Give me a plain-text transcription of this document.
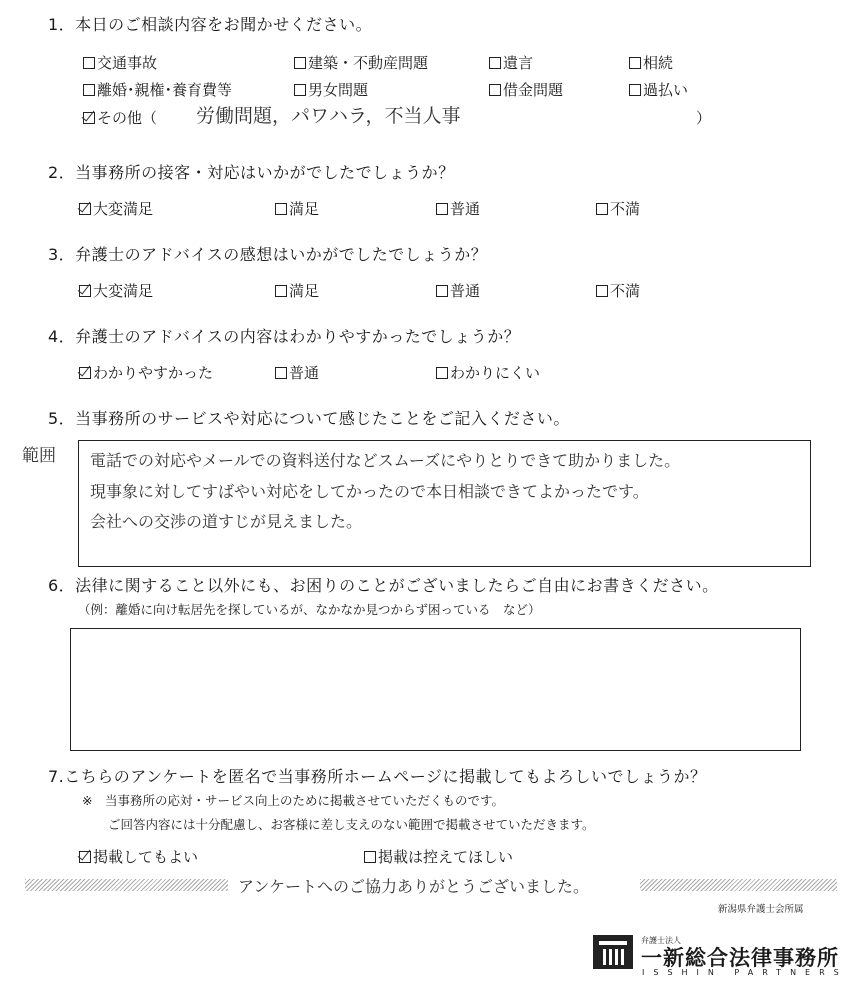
1．本日のご相談内容をお聞かせください。
交通事故	建築・不動産問題	遺言	相続
離婚･親権･養育費等	男女問題	借金問題	過払い
その他（ 労働問題，パワハラ，不当人事	）
2．当事務所の接客・対応はいかがでしたでしょうか？
大変満足	満足	普通	不満
3．弁護士のアドバイスの感想はいかがでしたでしょうか？
大変満足	満足	普通	不満
4．弁護士のアドバイスの内容はわかりやすかったでしょうか？
わかりやすかった	普通	わかりにくい
5．当事務所のサービスや対応について感じたことをご記入ください。
範囲 電話での対応やメールでの資料送付などスムーズにやりとりできて助かりました。
現事象に対してすばやい対応をしてかったので本日相談できてよかったです。
会社への交渉の道すじが見えました。
6．法律に関すること以外にも、お困りのことがございましたらご自由にお書きください。
（例：離婚に向け転居先を探しているが、なかなか見つからず困っている　など）
7.こちらのアンケートを匿名で当事務所ホームページに掲載してもよろしいでしょうか？
※　当事務所の応対・サービス向上のために掲載させていただくものです。
ご回答内容には十分配慮し、お客様に差し支えのない範囲で掲載させていただきます。
掲載してもよい	掲載は控えてほしい
アンケートへのご協力ありがとうございました。
新潟県弁護士会所属
弁護士法人
一新総合法律事務所
ISSHIN PARTNERS
